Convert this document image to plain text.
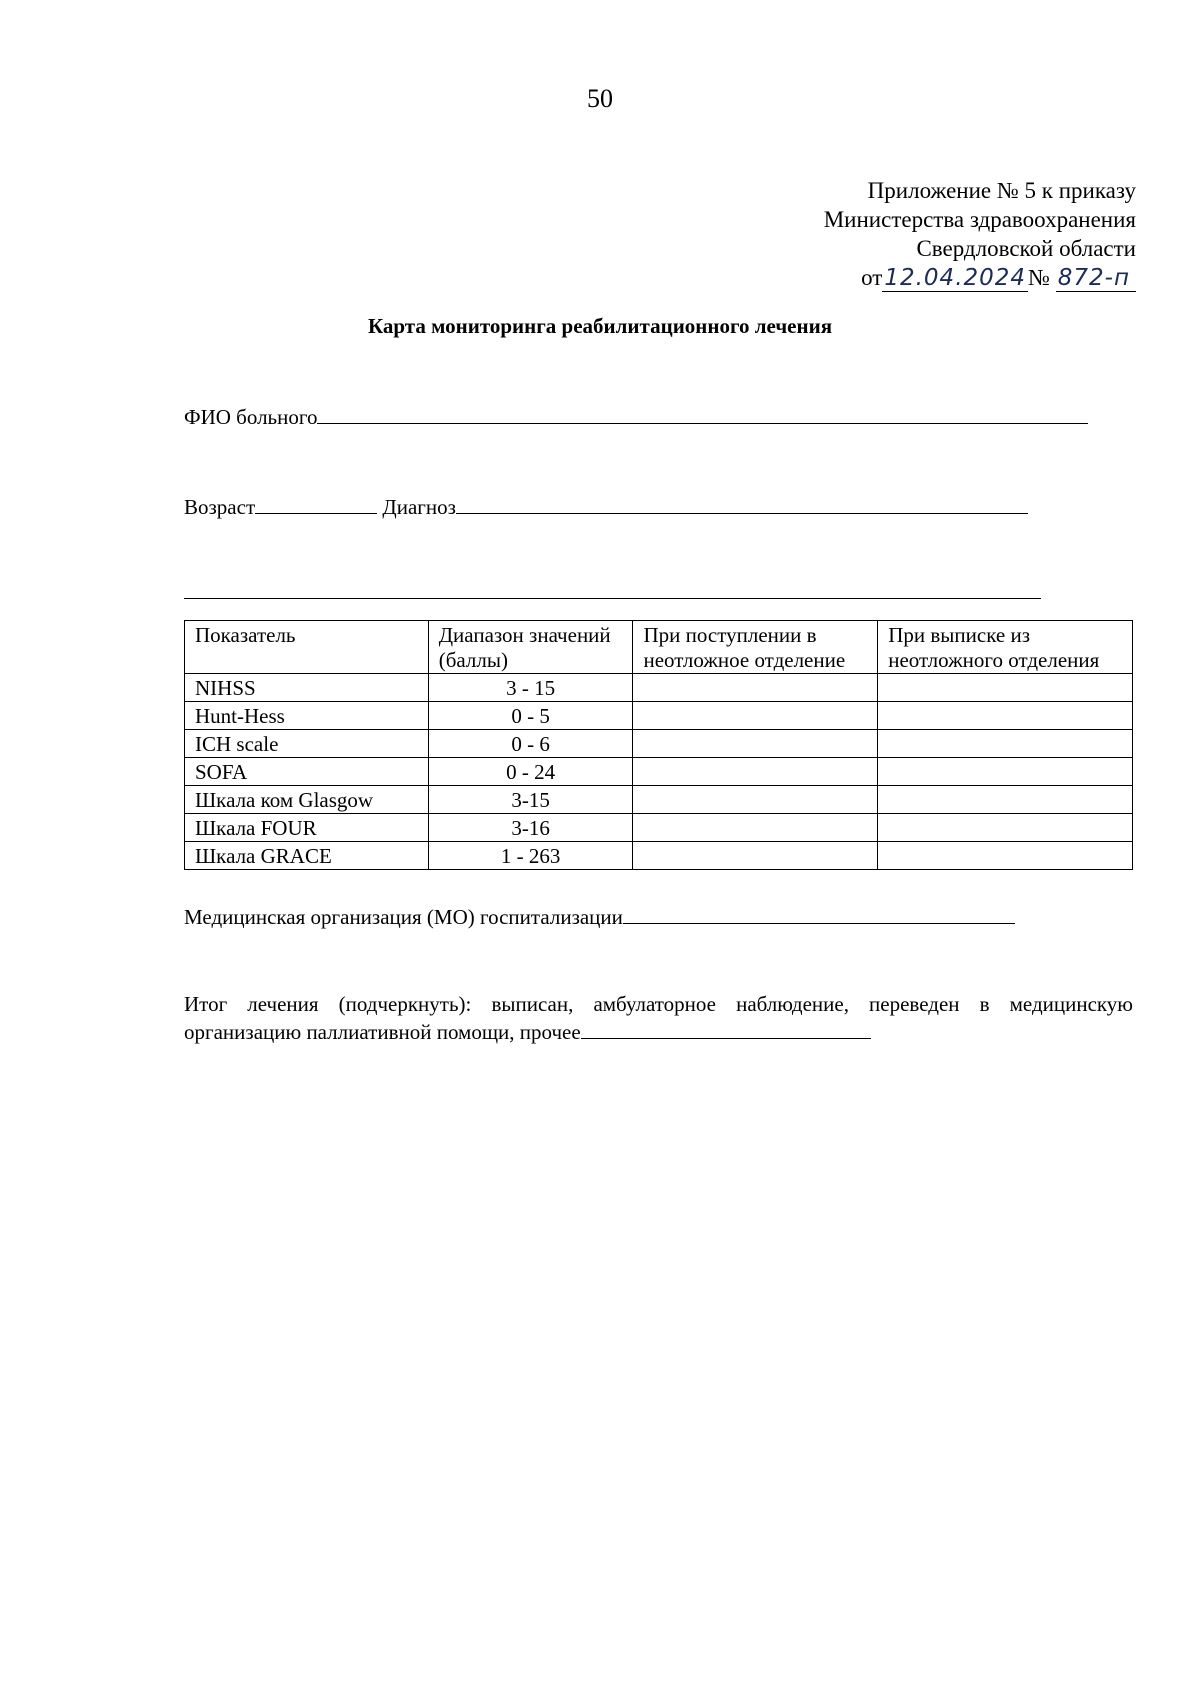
50
Приложение № 5 к приказу
Министерства здравоохранения
Свердловской области
от12.04.2024№ 872-п
Карта мониторинга реабилитационного лечения
ФИО больного
Возраст	Диагноз
Показатель	Диапазон значений (баллы)	При поступлении в неотложное отделение	При выписке из неотложного отделения
NIHSS	3 - 15		
Hunt-Hess	0 - 5		
ICH scale	0 - 6		
SOFA	0 - 24		
Шкала ком Glasgow	3-15		
Шкала FOUR	3-16		
Шкала GRACE	1 - 263		
Медицинская организация (МО) госпитализации
Итог лечения (подчеркнуть): выписан, амбулаторное наблюдение, переведен в медицинскую организацию паллиативной помощи, прочее
